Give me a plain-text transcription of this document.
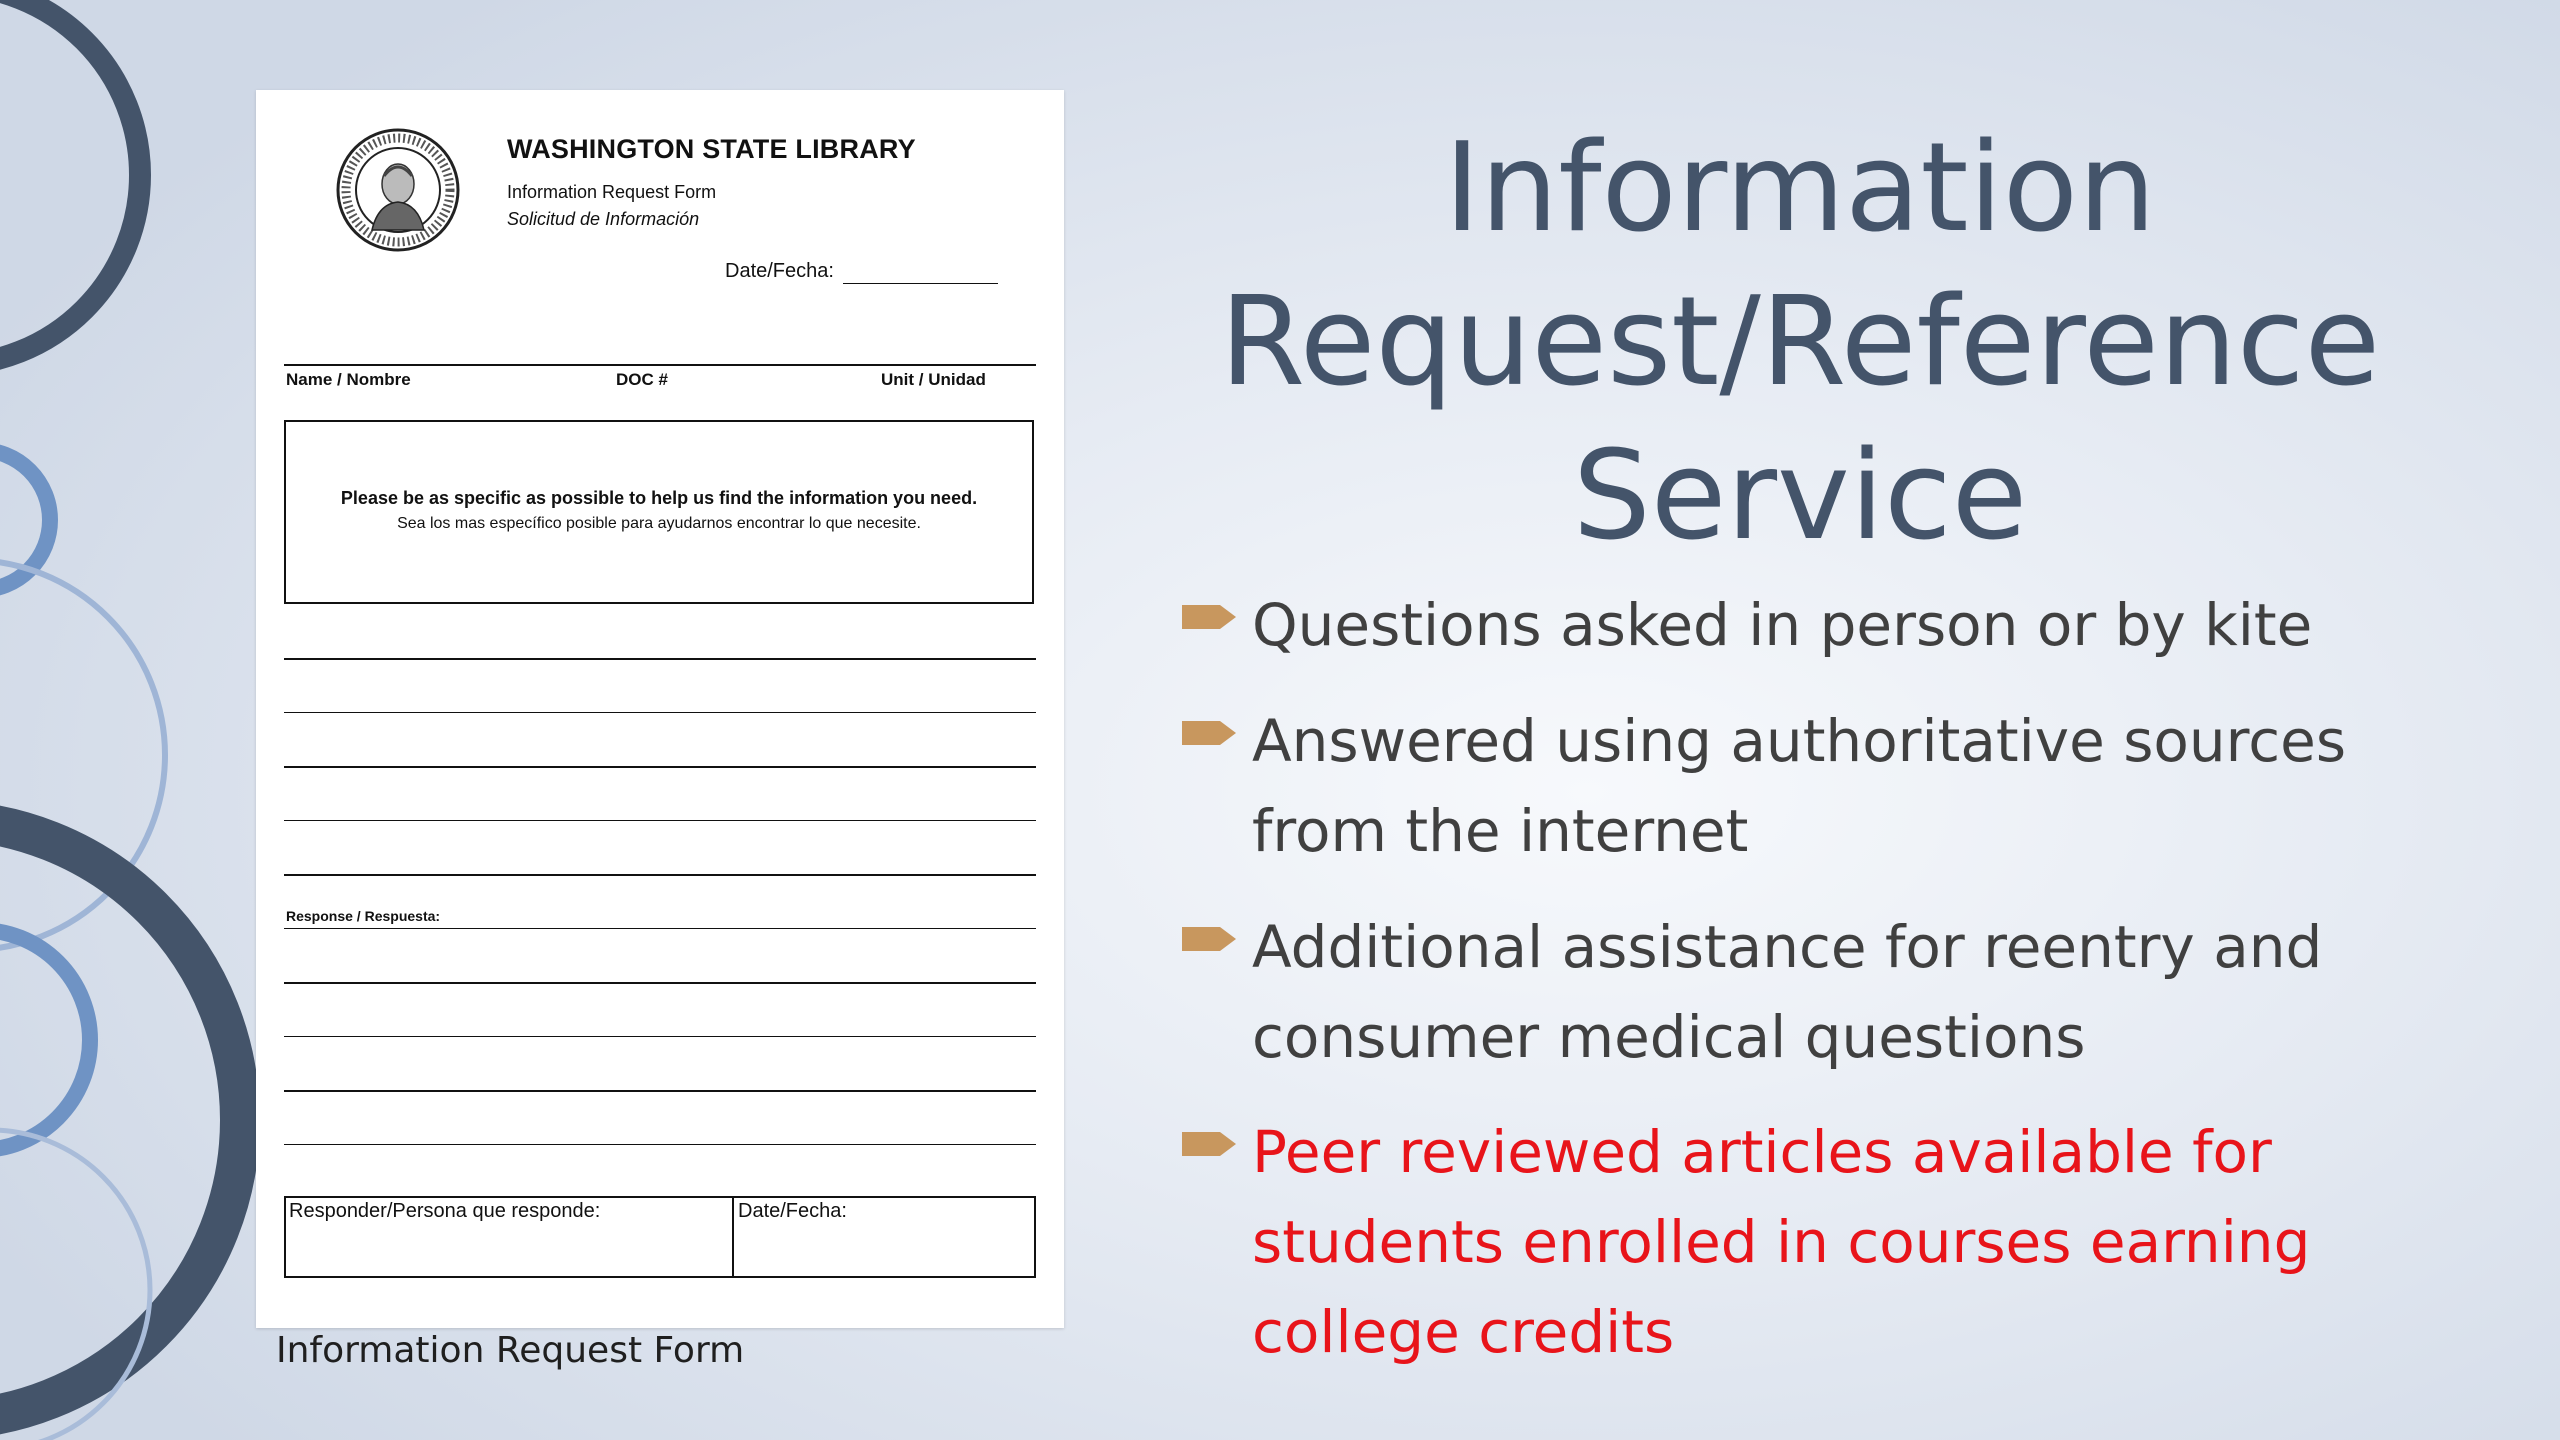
WASHINGTON STATE LIBRARY
Information Request Form
Solicitud de Información
Date/Fecha:
Name / Nombre	DOC #	Unit / Unidad
Please be as specific as possible to help us find the information you need.
Sea los mas específico posible para ayudarnos encontrar lo que necesite.
Response / Respuesta:
Responder/Persona que responde:	Date/Fecha:
Information Request Form
Information Request/Reference Service
Questions asked in person or by kite
Answered using authoritative sources from the internet
Additional assistance for reentry and consumer medical questions
Peer reviewed articles available for students enrolled in courses earning college credits
